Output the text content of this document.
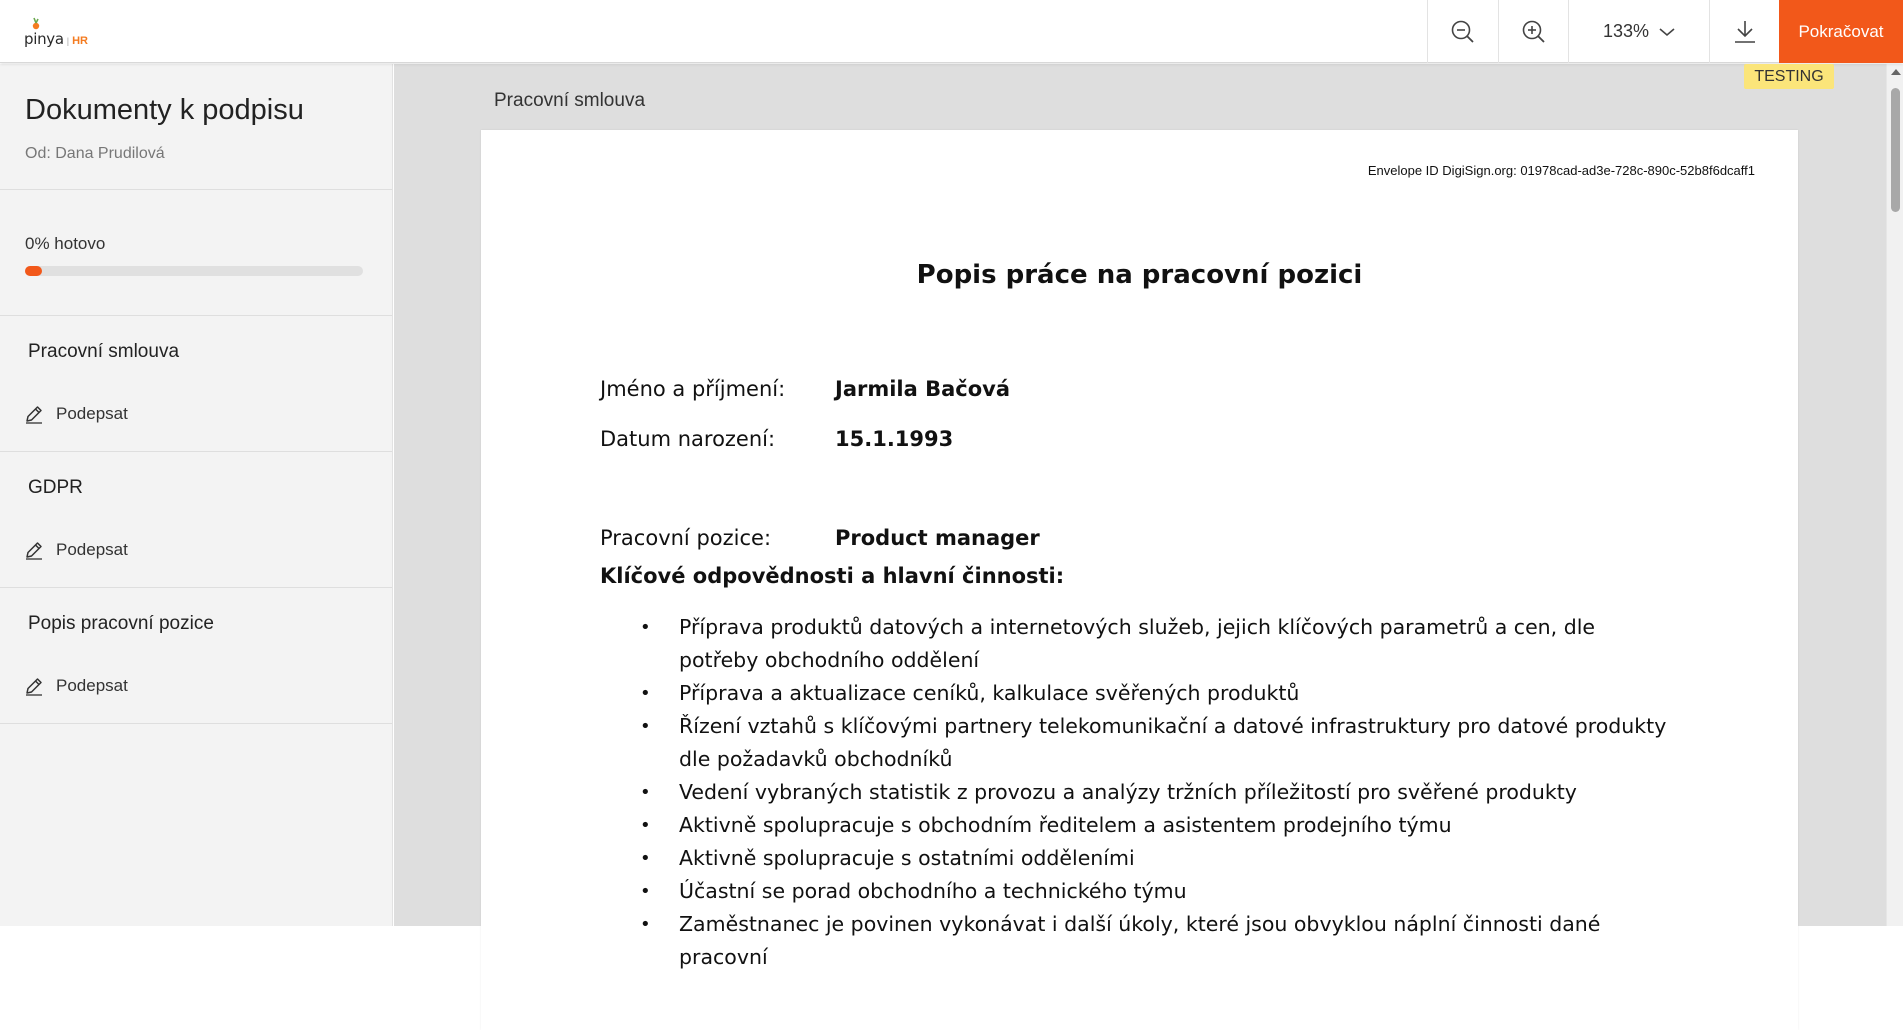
pinya | HR	133%	Pokračovat
TESTING
Dokumenty k podpisu
Od: Dana Prudilová
0% hotovo
Pracovní smlouva
Podepsat
GDPR
Podepsat
Popis pracovní pozice
Podepsat
Pracovní smlouva
Envelope ID DigiSign.org: 01978cad-ad3e-728c-890c-52b8f6dcaff1
Popis práce na pracovní pozici
Jméno a příjmení: Jarmila Bačová
Datum narození:	15.1.1993
Pracovní pozice:	Product manager
Klíčové odpovědnosti a hlavní činnosti:
• Příprava produktů datových a internetových služeb, jejich klíčových parametrů a cen, dle potřeby obchodního oddělení
• Příprava a aktualizace ceníků, kalkulace svěřených produktů
• Řízení vztahů s klíčovými partnery telekomunikační a datové infrastruktury pro datové produkty dle požadavků obchodníků
• Vedení vybraných statistik z provozu a analýzy tržních příležitostí pro svěřené produkty
• Aktivně spolupracuje s obchodním ředitelem a asistentem prodejního týmu
• Aktivně spolupracuje s ostatními odděleními
• Účastní se porad obchodního a technického týmu
• Zaměstnanec je povinen vykonávat i další úkoly, které jsou obvyklou náplní činnosti dané pracovní
